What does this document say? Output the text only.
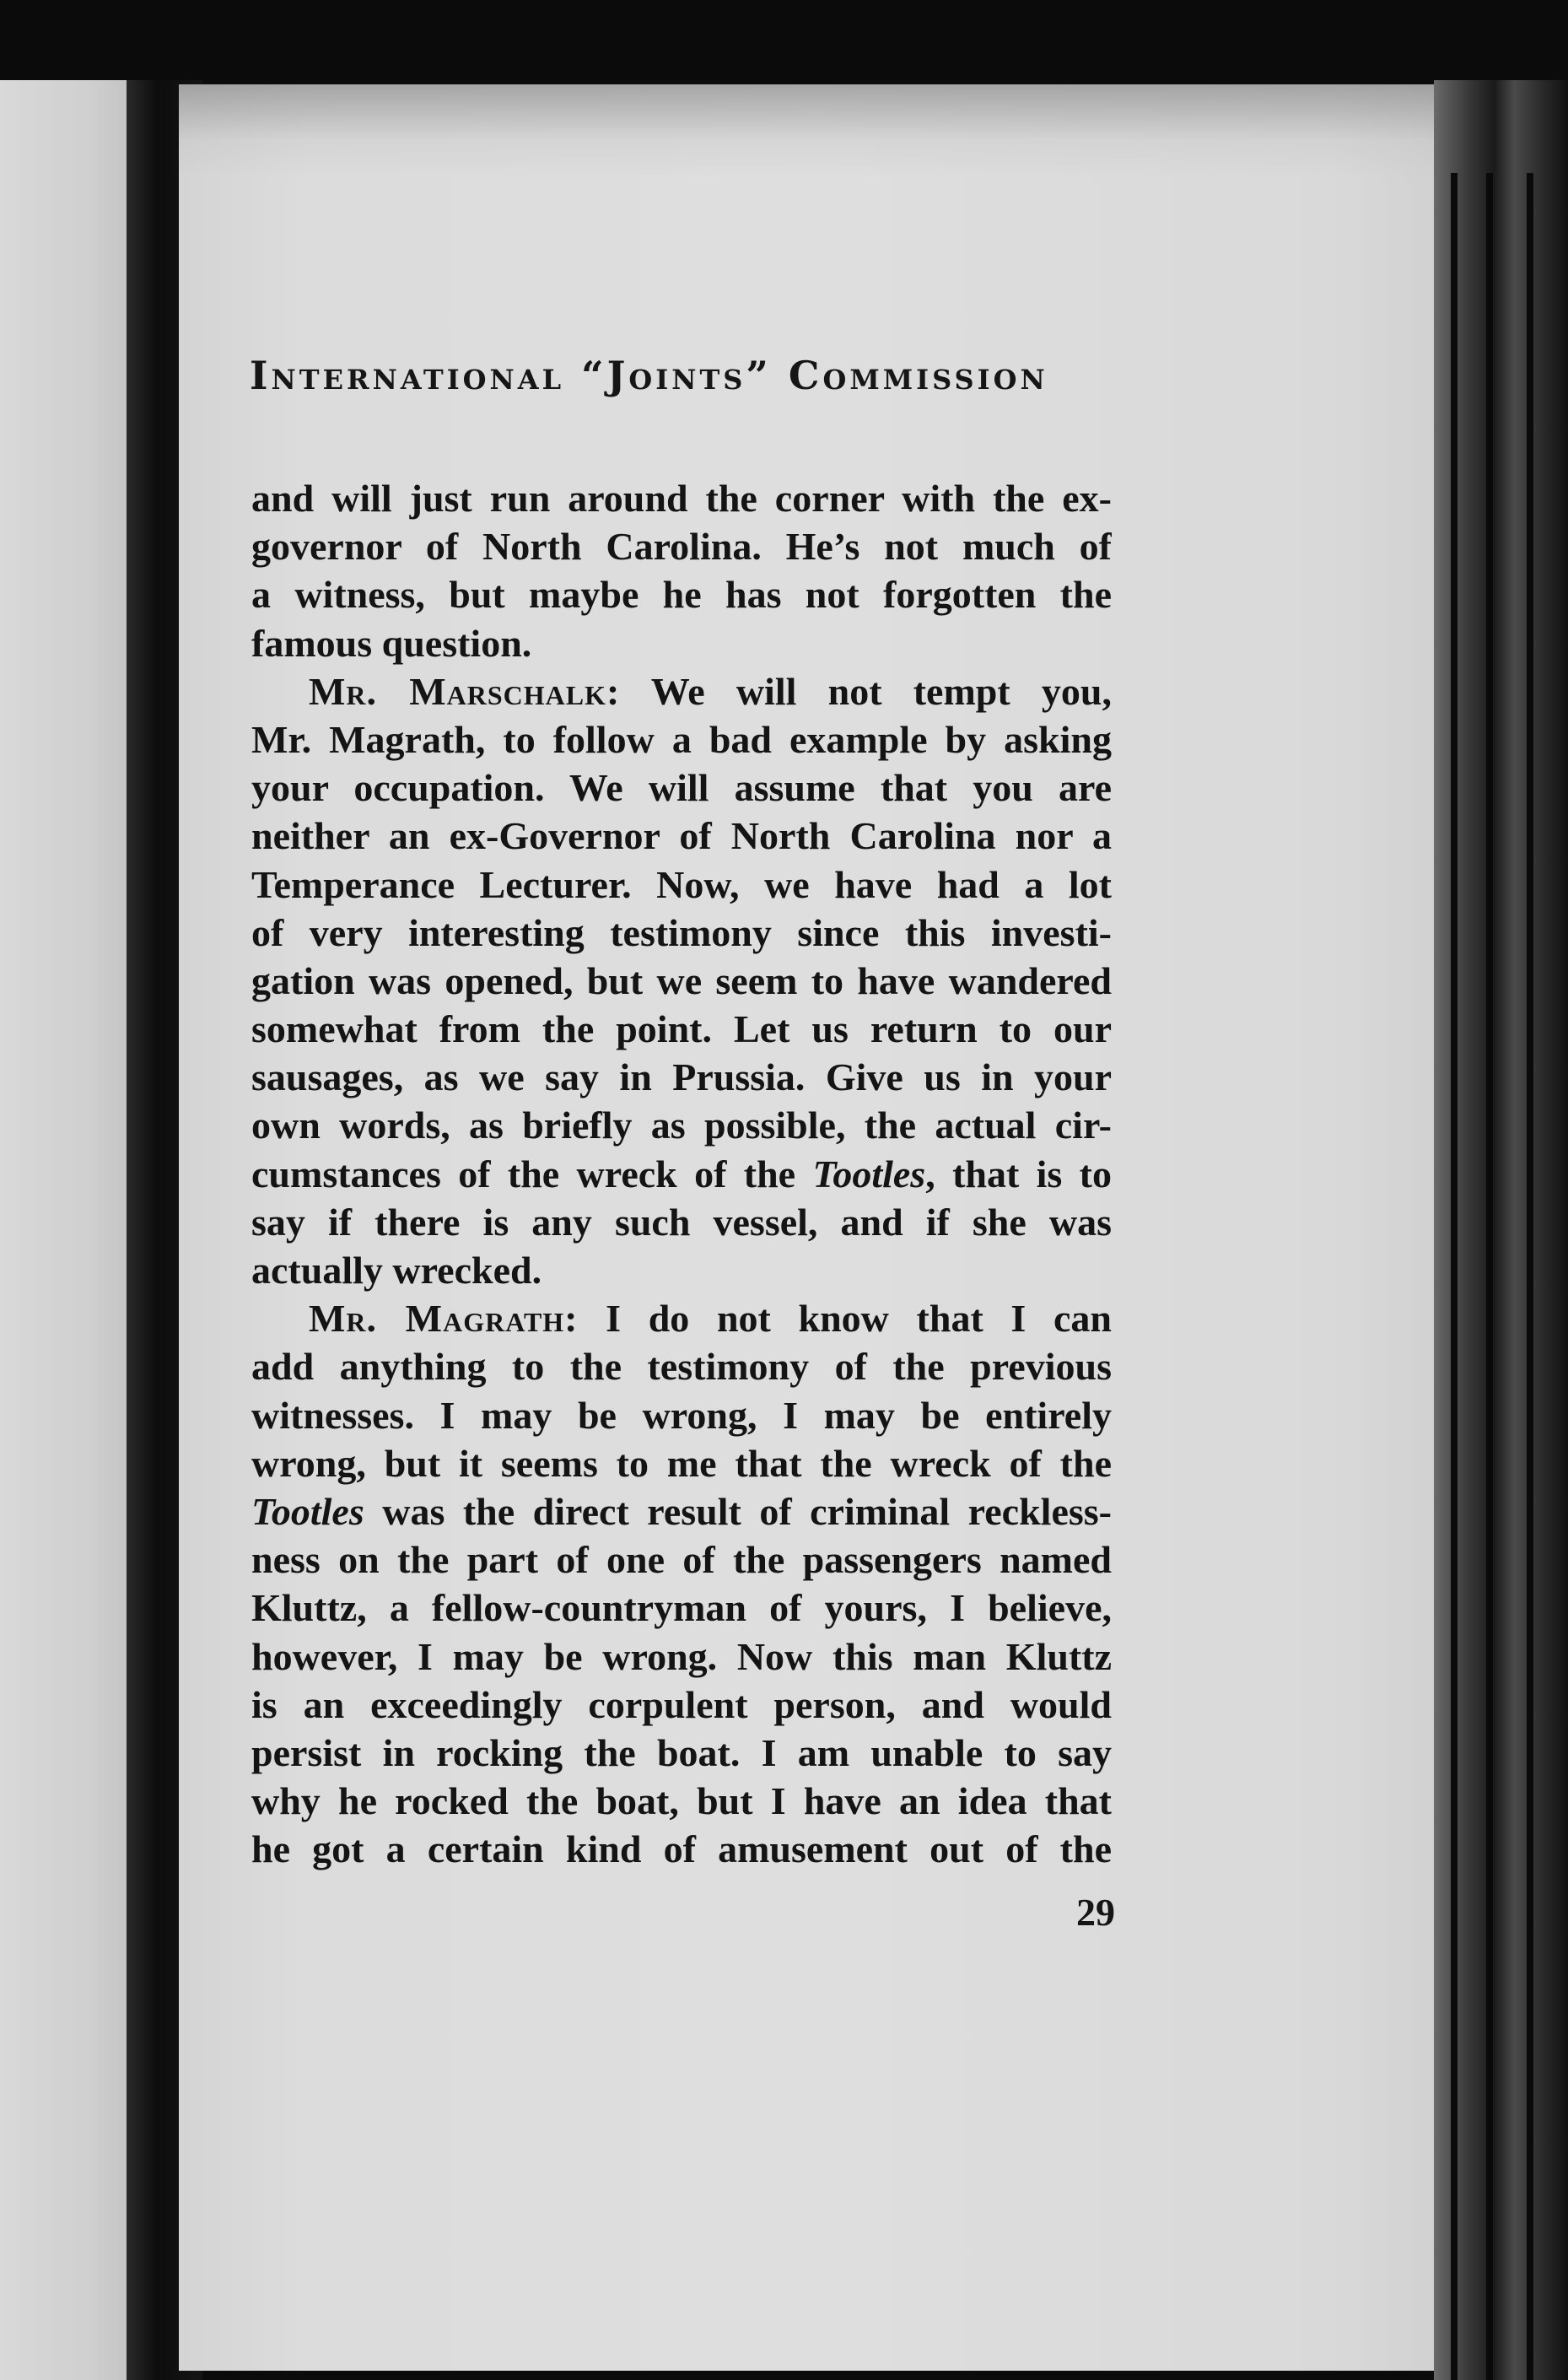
International “Joints” Commission
and will just run around the corner with the ex-
governor of North Carolina. He’s not much of
a witness, but maybe he has not forgotten the
famous question.
Mr. Marschalk: We will not tempt you,
Mr. Magrath, to follow a bad example by asking
your occupation. We will assume that you are
neither an ex-Governor of North Carolina nor a
Temperance Lecturer. Now, we have had a lot
of very interesting testimony since this investi-
gation was opened, but we seem to have wandered
somewhat from the point. Let us return to our
sausages, as we say in Prussia. Give us in your
own words, as briefly as possible, the actual cir-
cumstances of the wreck of the Tootles, that is to
say if there is any such vessel, and if she was
actually wrecked.
Mr. Magrath: I do not know that I can
add anything to the testimony of the previous
witnesses. I may be wrong, I may be entirely
wrong, but it seems to me that the wreck of the
Tootles was the direct result of criminal reckless-
ness on the part of one of the passengers named
Kluttz, a fellow-countryman of yours, I believe,
however, I may be wrong. Now this man Kluttz
is an exceedingly corpulent person, and would
persist in rocking the boat. I am unable to say
why he rocked the boat, but I have an idea that
he got a certain kind of amusement out of the
29
